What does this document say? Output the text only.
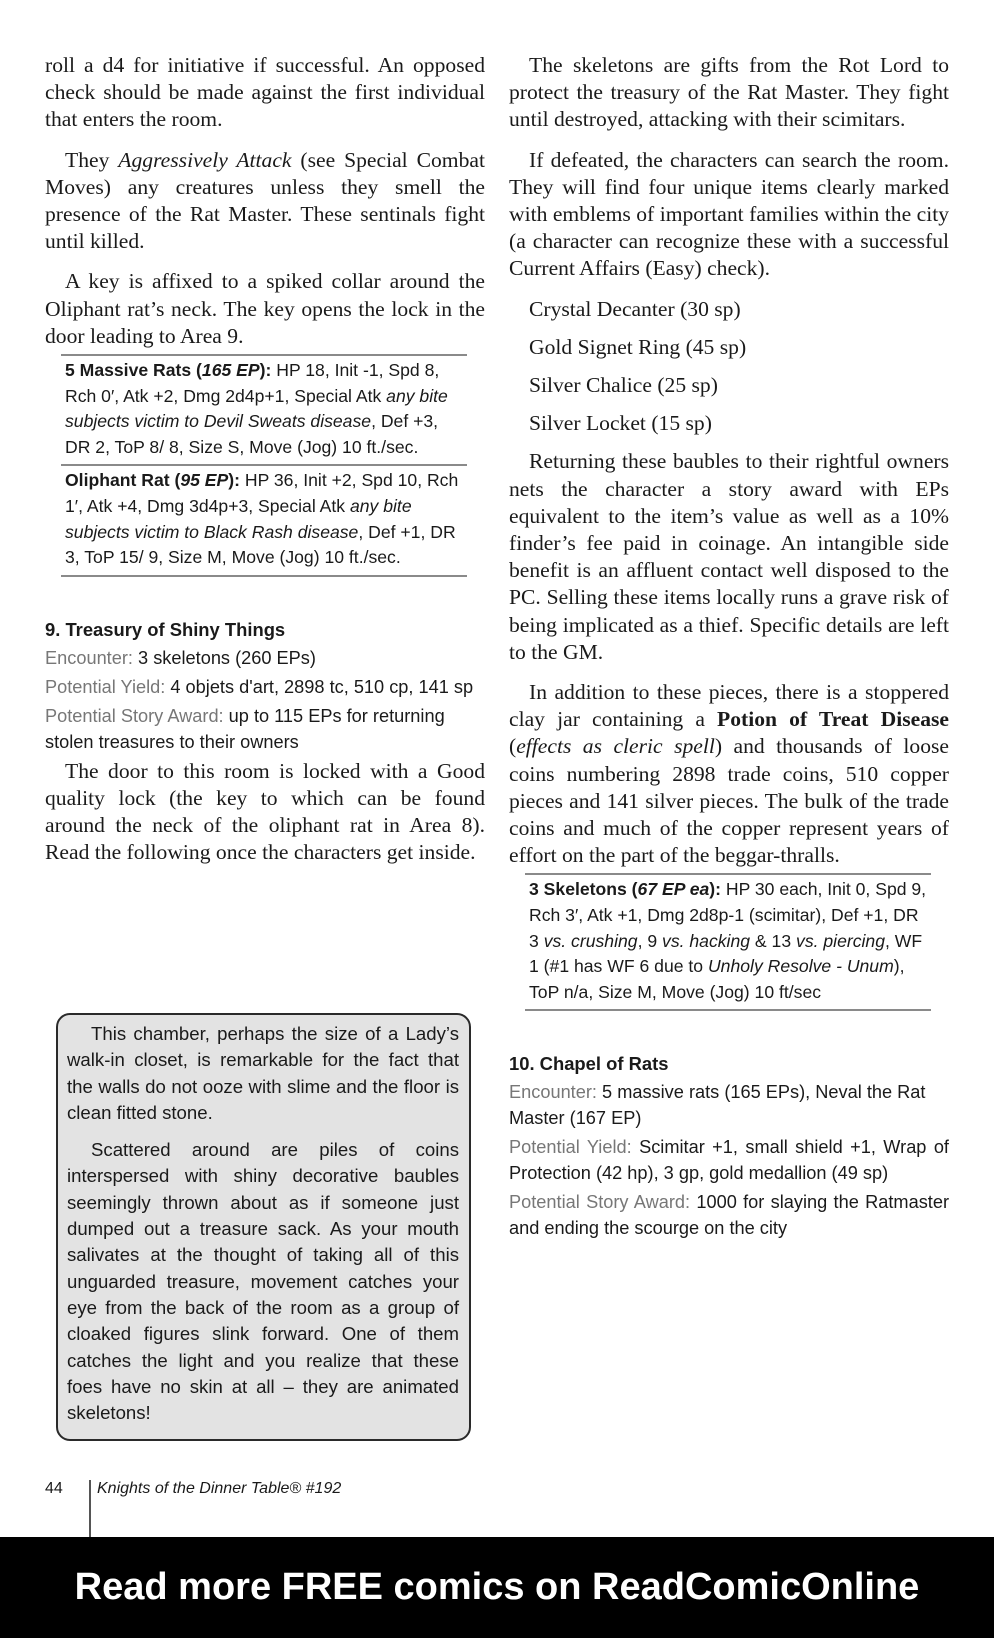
roll a d4 for initiative if successful. An opposed check should be made against the first individual that enters the room.

They Aggressively Attack (see Special Combat Moves) any creatures unless they smell the presence of the Rat Master. These sentinals fight until killed.

A key is affixed to a spiked collar around the Oliphant rat’s neck. The key opens the lock in the door leading to Area 9.

5 Massive Rats (165 EP): HP 18, Init -1, Spd 8, Rch 0′, Atk +2, Dmg 2d4p+1, Special Atk any bite subjects victim to Devil Sweats disease, Def +3, DR 2, ToP 8/ 8, Size S, Move (Jog) 10 ft./sec.
Oliphant Rat (95 EP): HP 36, Init +2, Spd 10, Rch 1′, Atk +4, Dmg 3d4p+3, Special Atk any bite subjects victim to Black Rash disease, Def +1, DR 3, ToP 15/ 9, Size M, Move (Jog) 10 ft./sec.
9. Treasury of Shiny Things
Encounter: 3 skeletons (260 EPs)
Potential Yield: 4 objets d'art, 2898 tc, 510 cp, 141 sp
Potential Story Award: up to 115 EPs for returning stolen treasures to their owners

The door to this room is locked with a Good quality lock (the key to which can be found around the neck of the oliphant rat in Area 8). Read the following once the characters get inside.

This chamber, perhaps the size of a Lady’s walk-in closet, is remarkable for the fact that the walls do not ooze with slime and the floor is clean fitted stone.

Scattered around are piles of coins interspersed with shiny decorative baubles seemingly thrown about as if someone just dumped out a treasure sack. As your mouth salivates at the thought of taking all of this unguarded treasure, movement catches your eye from the back of the room as a group of cloaked figures slink forward. One of them catches the light and you realize that these foes have no skin at all – they are animated skeletons!

The skeletons are gifts from the Rot Lord to protect the treasury of the Rat Master. They fight until destroyed, attacking with their scimitars.

If defeated, the characters can search the room. They will find four unique items clearly marked with emblems of important families within the city (a character can recognize these with a successful Current Affairs (Easy) check).

Crystal Decanter (30 sp)

Gold Signet Ring (45 sp)

Silver Chalice (25 sp)

Silver Locket (15 sp)

Returning these baubles to their rightful owners nets the character a story award with EPs equivalent to the item’s value as well as a 10% finder’s fee paid in coinage. An intangible side benefit is an affluent contact well disposed to the PC. Selling these items locally runs a grave risk of being implicated as a thief. Specific details are left to the GM.

In addition to these pieces, there is a stoppered clay jar containing a Potion of Treat Disease (effects as cleric spell) and thousands of loose coins numbering 2898 trade coins, 510 copper pieces and 141 silver pieces. The bulk of the trade coins and much of the copper represent years of effort on the part of the beggar-thralls.

3 Skeletons (67 EP ea): HP 30 each, Init 0, Spd 9, Rch 3′, Atk +1, Dmg 2d8p-1 (scimitar), Def +1, DR 3 vs. crushing, 9 vs. hacking & 13 vs. piercing, WF 1 (#1 has WF 6 due to Unholy Resolve - Unum), ToP n/a, Size M, Move (Jog) 10 ft/sec
10. Chapel of Rats
Encounter: 5 massive rats (165 EPs), Neval the Rat Master (167 EP)
Potential Yield: Scimitar +1, small shield +1, Wrap of Protection (42 hp), 3 gp, gold medallion (49 sp)
Potential Story Award: 1000 for slaying the Ratmaster and ending the scourge on the city
44 Knights of the Dinner Table® #192
Read more FREE comics on ReadComicOnline
